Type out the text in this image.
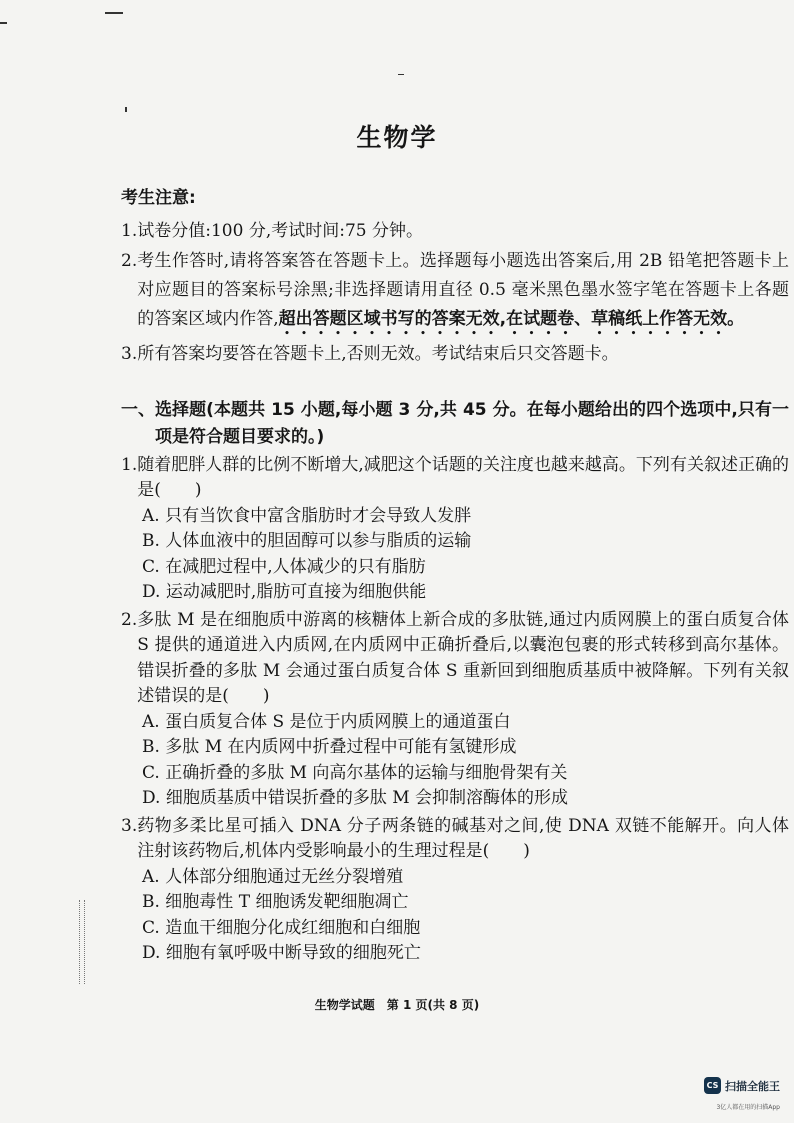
生物学
考生注意:
1. 试卷分值:100 分,考试时间:75 分钟。
2. 考生作答时,请将答案答在答题卡上。选择题每小题选出答案后,用 2B 铅笔把答题卡上对应题目的答案标号涂黑;非选择题请用直径 0.5 毫米黑色墨水签字笔在答题卡上各题的答案区域内作答,超出答题区域书写的答案无效,在试题卷、草稿纸上作答无效。
3. 所有答案均要答在答题卡上,否则无效。考试结束后只交答题卡。
一、 选择题(本题共 15 小题,每小题 3 分,共 45 分。在每小题给出的四个选项中,只有一项是符合题目要求的。)
1. 随着肥胖人群的比例不断增大,减肥这个话题的关注度也越来越高。下列有关叙述正确的是(　　)
A. 只有当饮食中富含脂肪时才会导致人发胖
B. 人体血液中的胆固醇可以参与脂质的运输
C. 在减肥过程中,人体减少的只有脂肪
D. 运动减肥时,脂肪可直接为细胞供能
2. 多肽 M 是在细胞质中游离的核糖体上新合成的多肽链,通过内质网膜上的蛋白质复合体 S 提供的通道进入内质网,在内质网中正确折叠后,以囊泡包裹的形式转移到高尔基体。错误折叠的多肽 M 会通过蛋白质复合体 S 重新回到细胞质基质中被降解。下列有关叙述错误的是(　　)
A. 蛋白质复合体 S 是位于内质网膜上的通道蛋白
B. 多肽 M 在内质网中折叠过程中可能有氢键形成
C. 正确折叠的多肽 M 向高尔基体的运输与细胞骨架有关
D. 细胞质基质中错误折叠的多肽 M 会抑制溶酶体的形成
3. 药物多柔比星可插入 DNA 分子两条链的碱基对之间,使 DNA 双链不能解开。向人体注射该药物后,机体内受影响最小的生理过程是(　　)
A. 人体部分细胞通过无丝分裂增殖
B. 细胞毒性 T 细胞诱发靶细胞凋亡
C. 造血干细胞分化成红细胞和白细胞
D. 细胞有氧呼吸中断导致的细胞死亡
生物学试题　第 1 页(共 8 页)
CS 扫描全能王
3亿人都在用的扫描App
